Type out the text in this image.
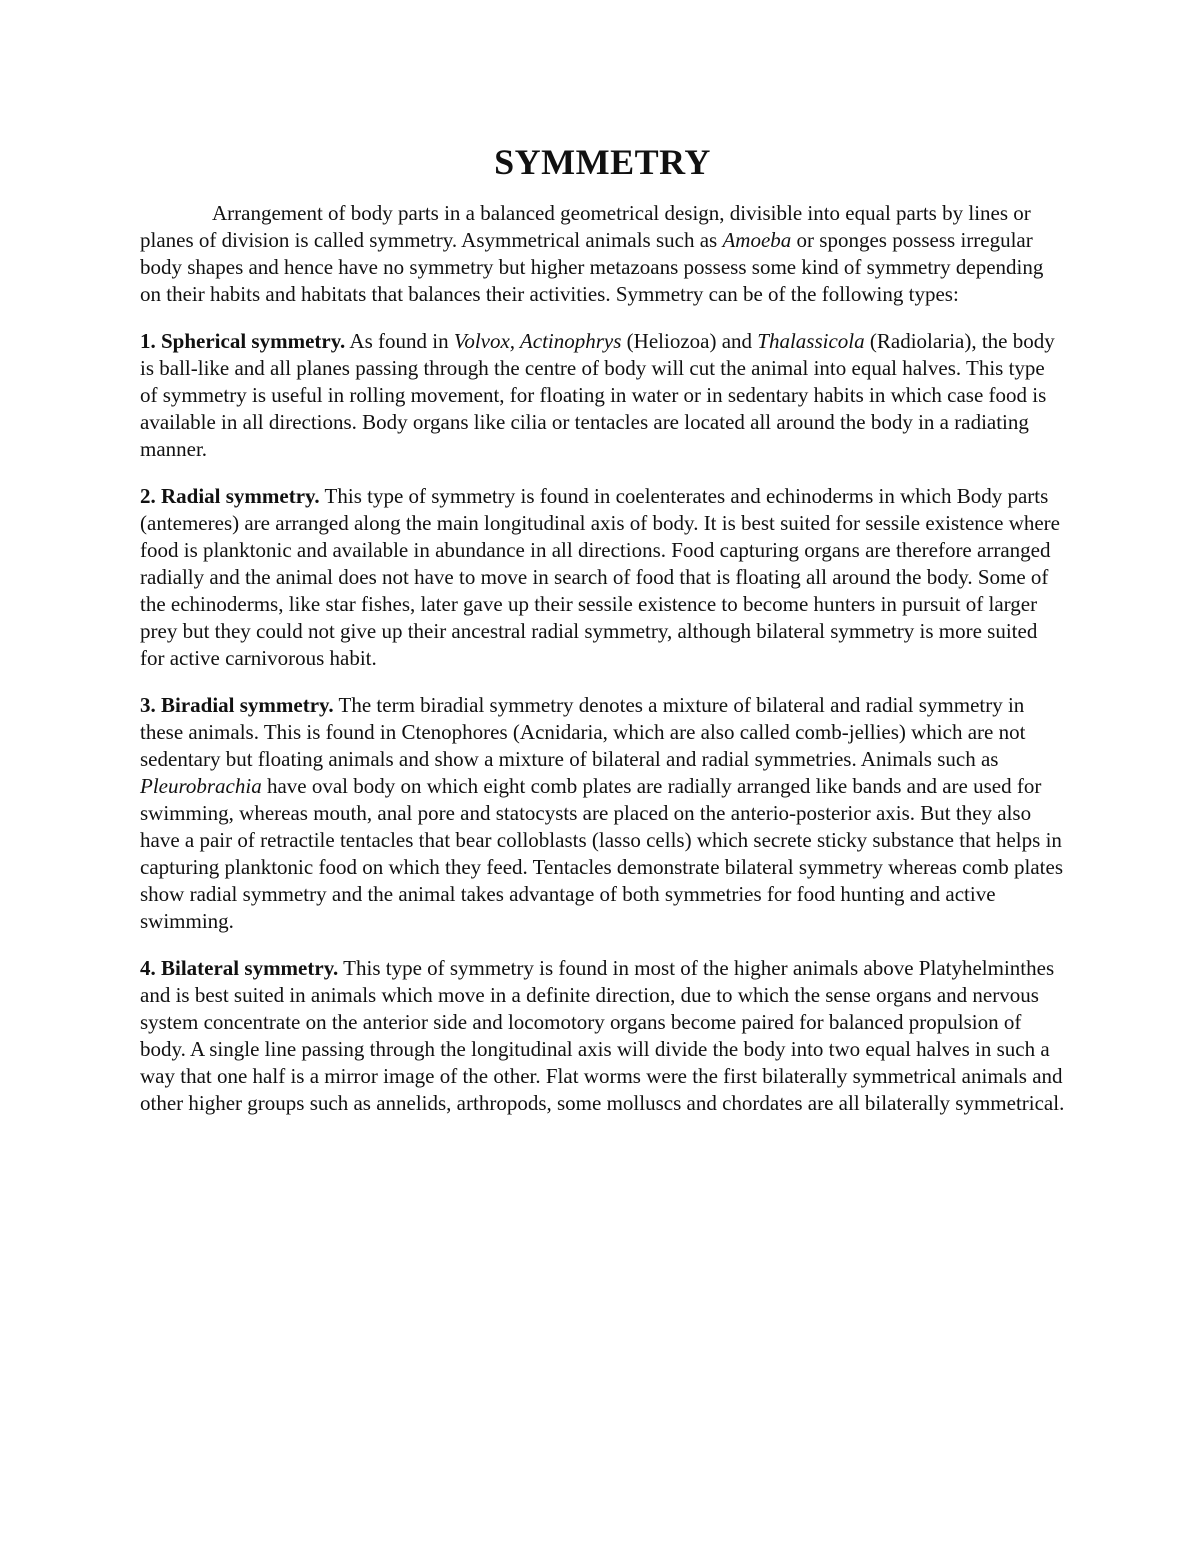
SYMMETRY

Arrangement of body parts in a balanced geometrical design, divisible into equal parts by lines or planes of division is called symmetry. Asymmetrical animals such as Amoeba or sponges possess irregular body shapes and hence have no symmetry but higher metazoans possess some kind of symmetry depending on their habits and habitats that balances their activities. Symmetry can be of the following types:

1. Spherical symmetry. As found in Volvox, Actinophrys (Heliozoa) and Thalassicola (Radiolaria), the body is ball-like and all planes passing through the centre of body will cut the animal into equal halves. This type of symmetry is useful in rolling movement, for floating in water or in sedentary habits in which case food is available in all directions. Body organs like cilia or tentacles are located all around the body in a radiating manner.

2. Radial symmetry. This type of symmetry is found in coelenterates and echinoderms in which Body parts (antemeres) are arranged along the main longitudinal axis of body. It is best suited for sessile existence where food is planktonic and available in abundance in all directions. Food capturing organs are therefore arranged radially and the animal does not have to move in search of food that is floating all around the body. Some of the echinoderms, like star fishes, later gave up their sessile existence to become hunters in pursuit of larger prey but they could not give up their ancestral radial symmetry, although bilateral symmetry is more suited for active carnivorous habit.

3. Biradial symmetry. The term biradial symmetry denotes a mixture of bilateral and radial symmetry in these animals. This is found in Ctenophores (Acnidaria, which are also called comb-jellies) which are not sedentary but floating animals and show a mixture of bilateral and radial symmetries. Animals such as Pleurobrachia have oval body on which eight comb plates are radially arranged like bands and are used for swimming, whereas mouth, anal pore and statocysts are placed on the anterio-posterior axis. But they also have a pair of retractile tentacles that bear colloblasts (lasso cells) which secrete sticky substance that helps in capturing planktonic food on which they feed. Tentacles demonstrate bilateral symmetry whereas comb plates show radial symmetry and the animal takes advantage of both symmetries for food hunting and active swimming.

4. Bilateral symmetry. This type of symmetry is found in most of the higher animals above Platyhelminthes and is best suited in animals which move in a definite direction, due to which the sense organs and nervous system concentrate on the anterior side and locomotory organs become paired for balanced propulsion of body. A single line passing through the longitudinal axis will divide the body into two equal halves in such a way that one half is a mirror image of the other. Flat worms were the first bilaterally symmetrical animals and other higher groups such as annelids, arthropods, some molluscs and chordates are all bilaterally symmetrical.
